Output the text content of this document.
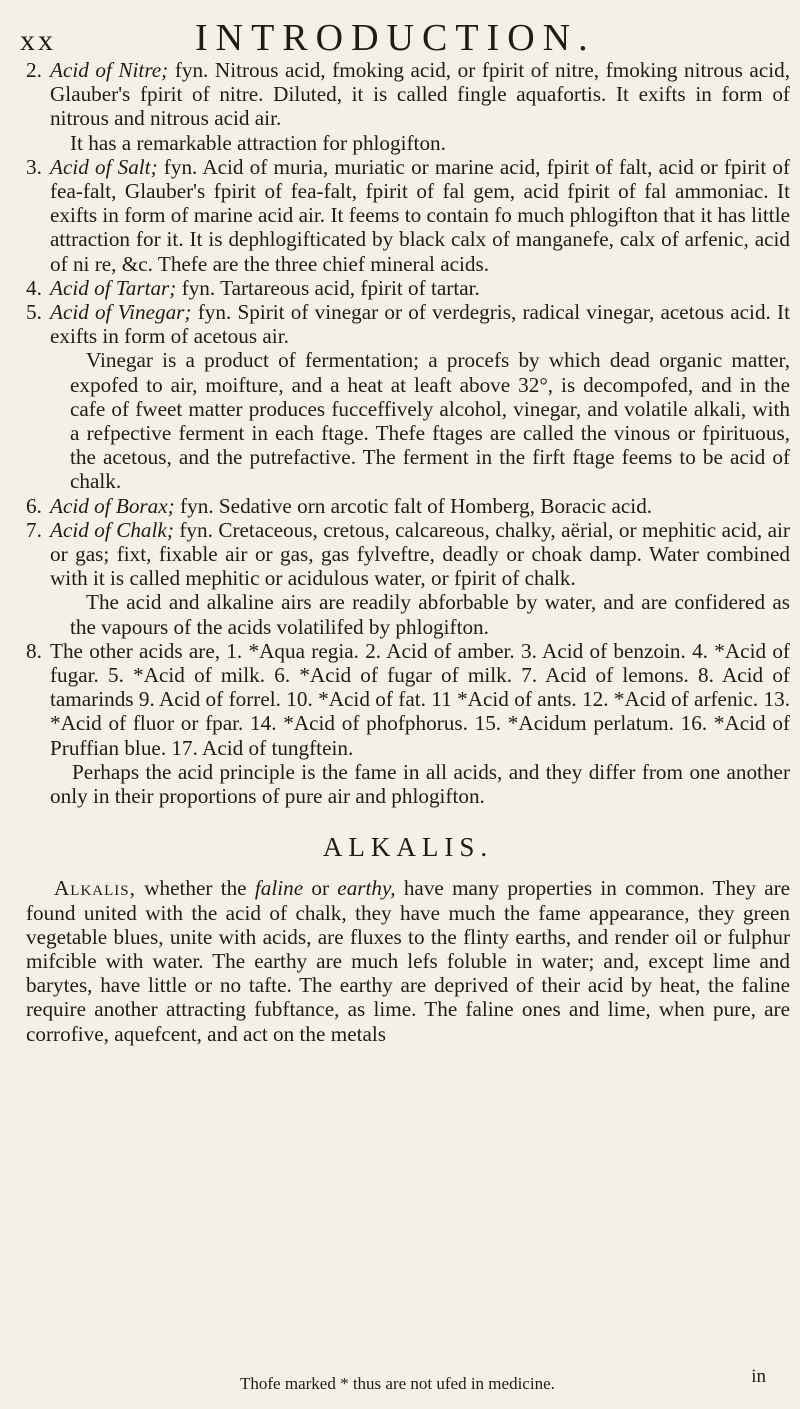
xx	INTRODUCTION.

2. Acid of Nitre; fyn. Nitrous acid, fmoking acid, or fpirit of nitre, fmoking nitrous acid, Glauber's fpirit of nitre. Diluted, it is called fingle aquafortis. It exifts in form of nitrous and nitrous acid air.

It has a remarkable attraction for phlogifton.

3. Acid of Salt; fyn. Acid of muria, muriatic or marine acid, fpirit of falt, acid or fpirit of fea-falt, Glauber's fpirit of fea-falt, fpirit of fal gem, acid fpirit of fal ammoniac. It exifts in form of marine acid air. It feems to contain fo much phlogifton that it has little attraction for it. It is dephlogifticated by black calx of manganefe, calx of arfenic, acid of ni re, &c. Thefe are the three chief mineral acids.

4. Acid of Tartar; fyn. Tartareous acid, fpirit of tartar.

5. Acid of Vinegar; fyn. Spirit of vinegar or of verdegris, radical vinegar, acetous acid. It exifts in form of acetous air.

Vinegar is a product of fermentation; a procefs by which dead organic matter, expofed to air, moifture, and a heat at leaft above 32°, is decompofed, and in the cafe of fweet matter produces fucceffively alcohol, vinegar, and volatile alkali, with a refpective ferment in each ftage. Thefe ftages are called the vinous or fpirituous, the acetous, and the putrefactive. The ferment in the firft ftage feems to be acid of chalk.

6. Acid of Borax; fyn. Sedative orn arcotic falt of Homberg, Boracic acid.

7. Acid of Chalk; fyn. Cretaceous, cretous, calcareous, chalky, aërial, or mephitic acid, air or gas; fixt, fixable air or gas, gas fylveftre, deadly or choak damp. Water combined with it is called mephitic or acidulous water, or fpirit of chalk.

The acid and alkaline airs are readily abforbable by water, and are confidered as the vapours of the acids volatilifed by phlogifton.

8. The other acids are, 1. *Aqua regia. 2. Acid of amber. 3. Acid of benzoin. 4. *Acid of fugar. 5. *Acid of milk. 6. *Acid of fugar of milk. 7. Acid of lemons. 8. Acid of tamarinds 9. Acid of forrel. 10. *Acid of fat. 11 *Acid of ants. 12. *Acid of arfenic. 13. *Acid of fluor or fpar. 14. *Acid of phofphorus. 15. *Acidum perlatum. 16. *Acid of Pruffian blue. 17. Acid of tungftein.

Perhaps the acid principle is the fame in all acids, and they differ from one another only in their proportions of pure air and phlogifton.

ALKALIS.

Alkalis, whether the faline or earthy, have many properties in common. They are found united with the acid of chalk, they have much the fame appearance, they green vegetable blues, unite with acids, are fluxes to the flinty earths, and render oil or fulphur mifcible with water. The earthy are much lefs foluble in water; and, except lime and barytes, have little or no tafte. The earthy are deprived of their acid by heat, the faline require another attracting fubftance, as lime. The faline ones and lime, when pure, are corrofive, aquefcent, and act on the metals

in
Thofe marked * thus are not ufed in medicine.
